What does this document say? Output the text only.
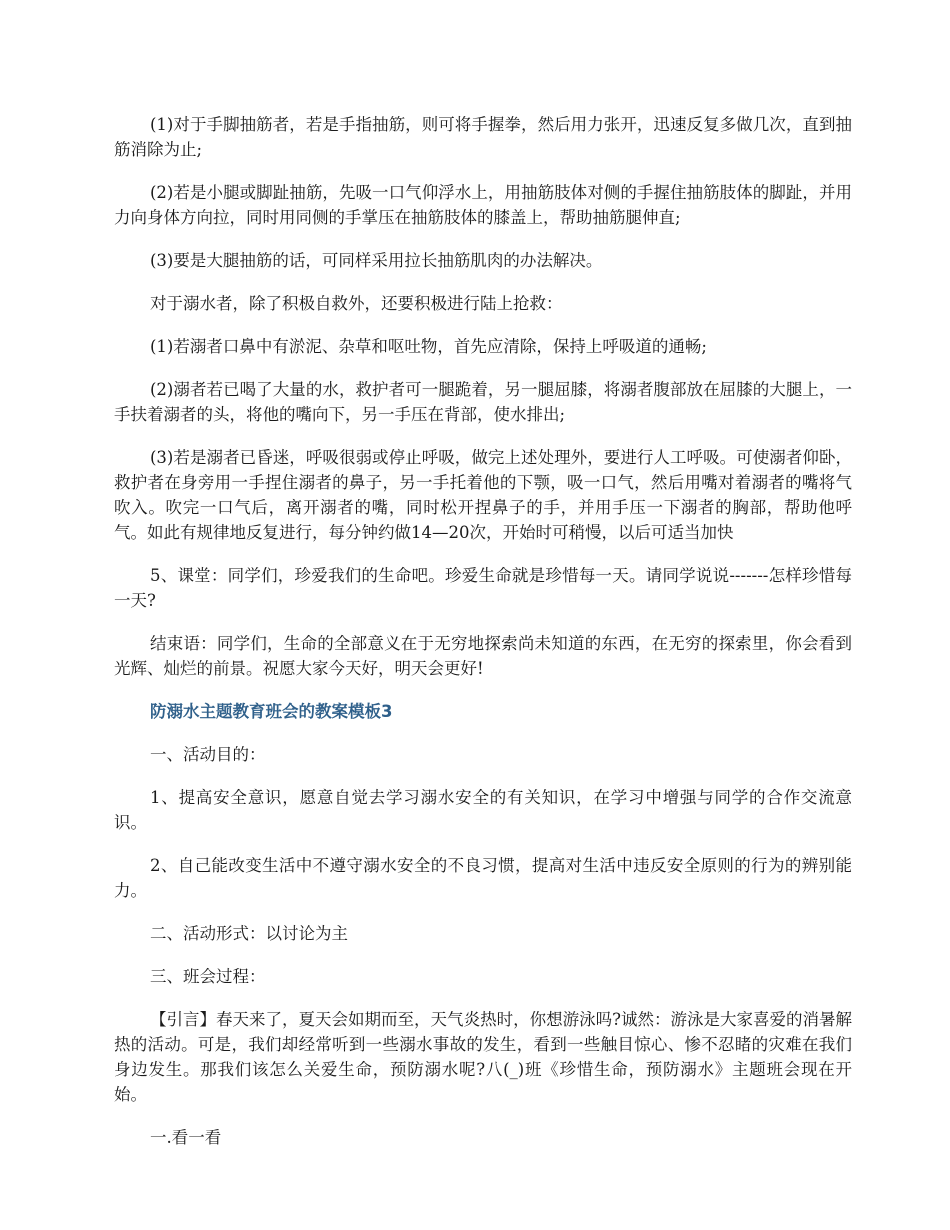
(1)对于手脚抽筋者，若是手指抽筋，则可将手握拳，然后用力张开，迅速反复多做几次，直到抽筋消除为止;

(2)若是小腿或脚趾抽筋，先吸一口气仰浮水上，用抽筋肢体对侧的手握住抽筋肢体的脚趾，并用力向身体方向拉，同时用同侧的手掌压在抽筋肢体的膝盖上，帮助抽筋腿伸直;

(3)要是大腿抽筋的话，可同样采用拉长抽筋肌肉的办法解决。

对于溺水者，除了积极自救外，还要积极进行陆上抢救：

(1)若溺者口鼻中有淤泥、杂草和呕吐物，首先应清除，保持上呼吸道的通畅;

(2)溺者若已喝了大量的水，救护者可一腿跪着，另一腿屈膝，将溺者腹部放在屈膝的大腿上，一手扶着溺者的头，将他的嘴向下，另一手压在背部，使水排出;

(3)若是溺者已昏迷，呼吸很弱或停止呼吸，做完上述处理外，要进行人工呼吸。可使溺者仰卧，救护者在身旁用一手捏住溺者的鼻子，另一手托着他的下颚，吸一口气，然后用嘴对着溺者的嘴将气吹入。吹完一口气后，离开溺者的嘴，同时松开捏鼻子的手，并用手压一下溺者的胸部，帮助他呼气。如此有规律地反复进行，每分钟约做14—20次，开始时可稍慢，以后可适当加快

5、课堂：同学们，珍爱我们的生命吧。珍爱生命就是珍惜每一天。请同学说说-------怎样珍惜每一天?

结束语：同学们，生命的全部意义在于无穷地探索尚未知道的东西，在无穷的探索里，你会看到光辉、灿烂的前景。祝愿大家今天好，明天会更好!

防溺水主题教育班会的教案模板3

一、活动目的：

1、提高安全意识，愿意自觉去学习溺水安全的有关知识，在学习中增强与同学的合作交流意识。

2、自己能改变生活中不遵守溺水安全的不良习惯，提高对生活中违反安全原则的行为的辨别能力。

二、活动形式：以讨论为主

三、班会过程：

【引言】春天来了，夏天会如期而至，天气炎热时，你想游泳吗?诚然：游泳是大家喜爱的消暑解热的活动。可是，我们却经常听到一些溺水事故的发生，看到一些触目惊心、惨不忍睹的灾难在我们身边发生。那我们该怎么关爱生命，预防溺水呢?八(_)班《珍惜生命，预防溺水》主题班会现在开始。

一.看一看
